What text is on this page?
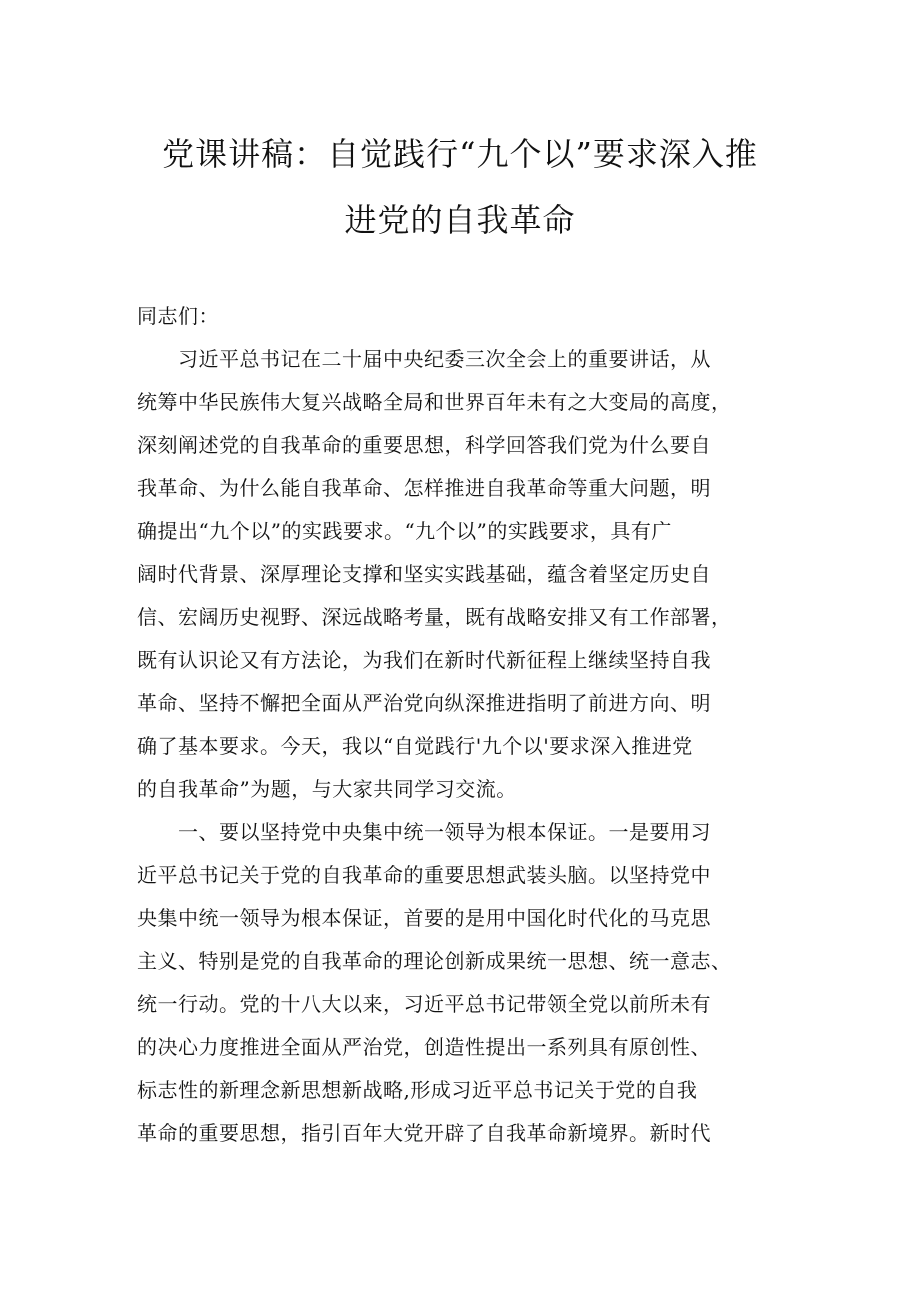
党课讲稿：自觉践行“九个以”要求深入推
进党的自我革命
同志们：
　　习近平总书记在二十届中央纪委三次全会上的重要讲话，从
统筹中华民族伟大复兴战略全局和世界百年未有之大变局的高度，
深刻阐述党的自我革命的重要思想，科学回答我们党为什么要自
我革命、为什么能自我革命、怎样推进自我革命等重大问题，明
确提出“九个以”的实践要求。“九个以”的实践要求，具有广
阔时代背景、深厚理论支撑和坚实实践基础，蕴含着坚定历史自
信、宏阔历史视野、深远战略考量，既有战略安排又有工作部署，
既有认识论又有方法论，为我们在新时代新征程上继续坚持自我
革命、坚持不懈把全面从严治党向纵深推进指明了前进方向、明
确了基本要求。今天，我以“自觉践行'九个以'要求深入推进党
的自我革命”为题，与大家共同学习交流。
　　一、要以坚持党中央集中统一领导为根本保证。一是要用习
近平总书记关于党的自我革命的重要思想武装头脑。以坚持党中
央集中统一领导为根本保证，首要的是用中国化时代化的马克思
主义、特别是党的自我革命的理论创新成果统一思想、统一意志、
统一行动。党的十八大以来，习近平总书记带领全党以前所未有
的决心力度推进全面从严治党，创造性提出一系列具有原创性、
标志性的新理念新思想新战略,形成习近平总书记关于党的自我
革命的重要思想，指引百年大党开辟了自我革命新境界。新时代
